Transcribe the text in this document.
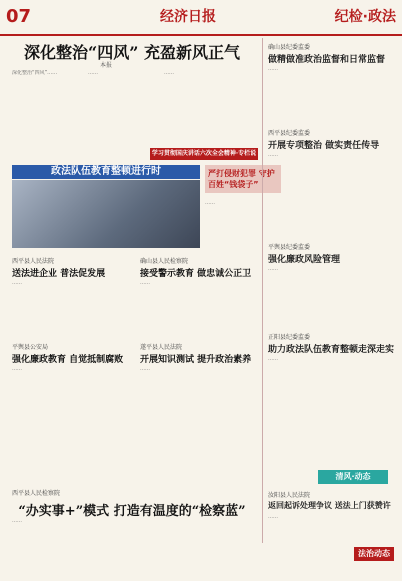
07	经济日报	纪检·政法
深化整治“四风” 充盈新风正气
本报
深化整治“四风”……	……	……
学习贯彻国庆讲话六次全会精神·专栏说
政法队伍教育整顿进行时	严打侵财犯罪 守护百姓“钱袋子”
……
西平县人民法院
送法进企业 普法促发展
……
确山县人民检察院
接受警示教育 做忠诚公正卫
……
平舆县公安局
强化廉政教育 自觉抵制腐败
……
遂平县人民法院
开展知识测试 提升政治素养
……
西平县人民检察院
“办实事+”模式 打造有温度的“检察蓝”
……
确山县纪委监委
做精做准政治监督和日常监督
……
西平县纪委监委
开展专项整治 做实责任传导
……
平舆县纪委监委
强化廉政风险管理
……
正阳县纪委监委
助力政法队伍教育整顿走深走实
……
清风·动态
汝阳县人民法院
返回起诉处理争议 送法上门获赞许
……
法治动态
